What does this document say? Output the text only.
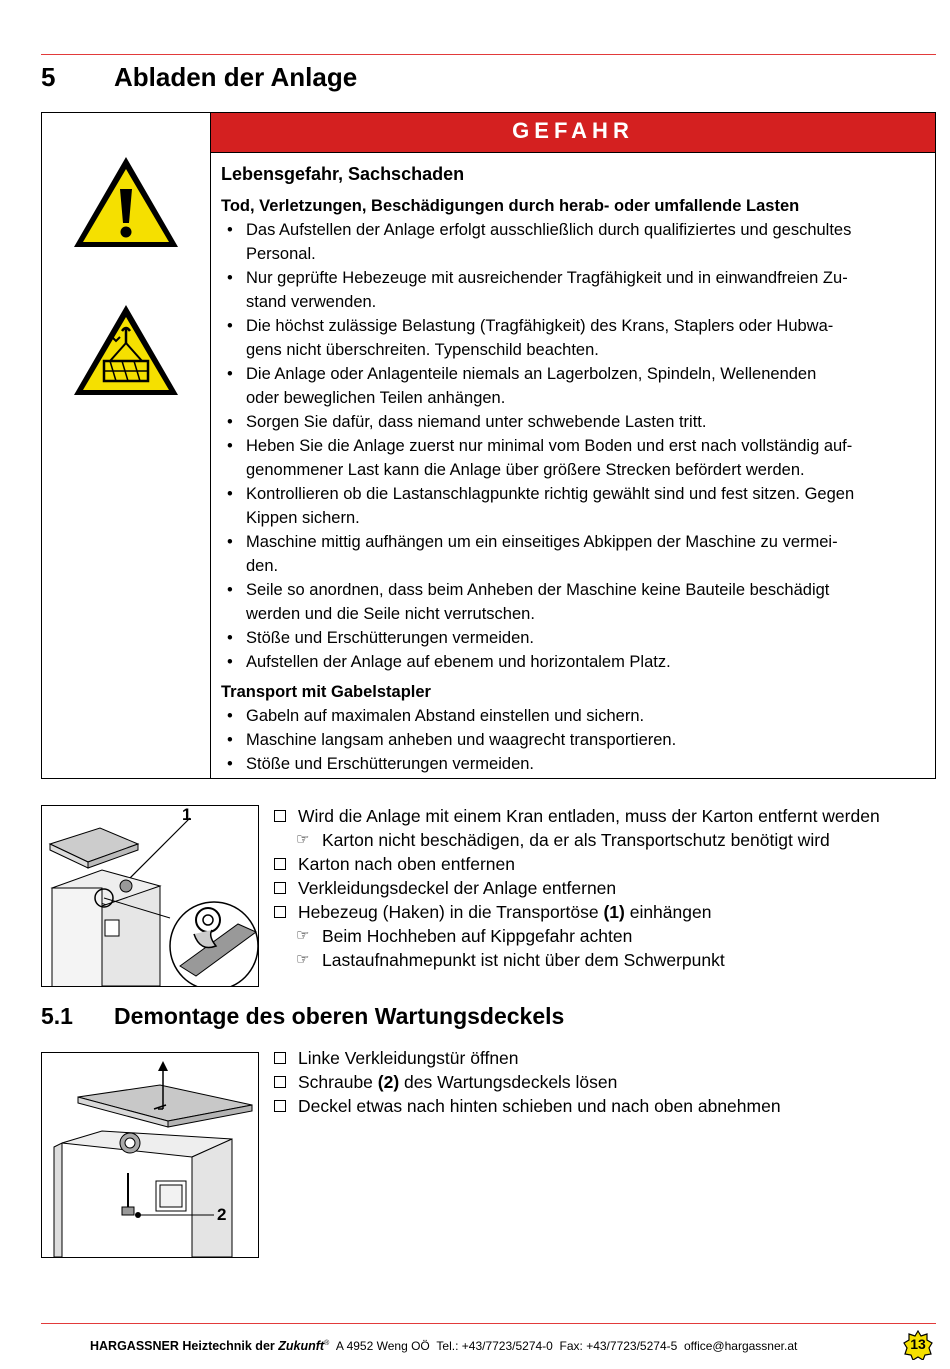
5 Abladen der Anlage
GEFAHR
Lebensgefahr, Sachschaden
Tod, Verletzungen, Beschädigungen durch herab- oder umfallende Lasten
• Das Aufstellen der Anlage erfolgt ausschließlich durch qualifiziertes und geschultes
Personal.
• Nur geprüfte Hebezeuge mit ausreichender Tragfähigkeit und in einwandfreien Zu-
stand verwenden.
• Die höchst zulässige Belastung (Tragfähigkeit) des Krans, Staplers oder Hubwa-
gens nicht überschreiten. Typenschild beachten.
• Die Anlage oder Anlagenteile niemals an Lagerbolzen, Spindeln, Wellenenden
oder beweglichen Teilen anhängen.
• Sorgen Sie dafür, dass niemand unter schwebende Lasten tritt.
• Heben Sie die Anlage zuerst nur minimal vom Boden und erst nach vollständig auf-
genommener Last kann die Anlage über größere Strecken befördert werden.
• Kontrollieren ob die Lastanschlagpunkte richtig gewählt sind und fest sitzen. Gegen
Kippen sichern.
• Maschine mittig aufhängen um ein einseitiges Abkippen der Maschine zu vermei-
den.
• Seile so anordnen, dass beim Anheben der Maschine keine Bauteile beschädigt
werden und die Seile nicht verrutschen.
• Stöße und Erschütterungen vermeiden.
• Aufstellen der Anlage auf ebenem und horizontalem Platz.
Transport mit Gabelstapler
• Gabeln auf maximalen Abstand einstellen und sichern.
• Maschine langsam anheben und waagrecht transportieren.
• Stöße und Erschütterungen vermeiden.
1	Wird die Anlage mit einem Kran entladen, muss der Karton entfernt werden
☞ Karton nicht beschädigen, da er als Transportschutz benötigt wird
Karton nach oben entfernen
Verkleidungsdeckel der Anlage entfernen
Hebezeug (Haken) in die Transportöse (1) einhängen
☞ Beim Hochheben auf Kippgefahr achten
☞ Lastaufnahmepunkt ist nicht über dem Schwerpunkt
5.1 Demontage des oberen Wartungsdeckels
2
Linke Verkleidungstür öffnen
Schraube (2) des Wartungsdeckels lösen
Deckel etwas nach hinten schieben und nach oben abnehmen
HARGASSNER Heiztechnik der Zukunft® A 4952 Weng OÖ Tel.: +43/7723/5274-0 Fax: +43/7723/5274-5 office@hargassner.at	13
